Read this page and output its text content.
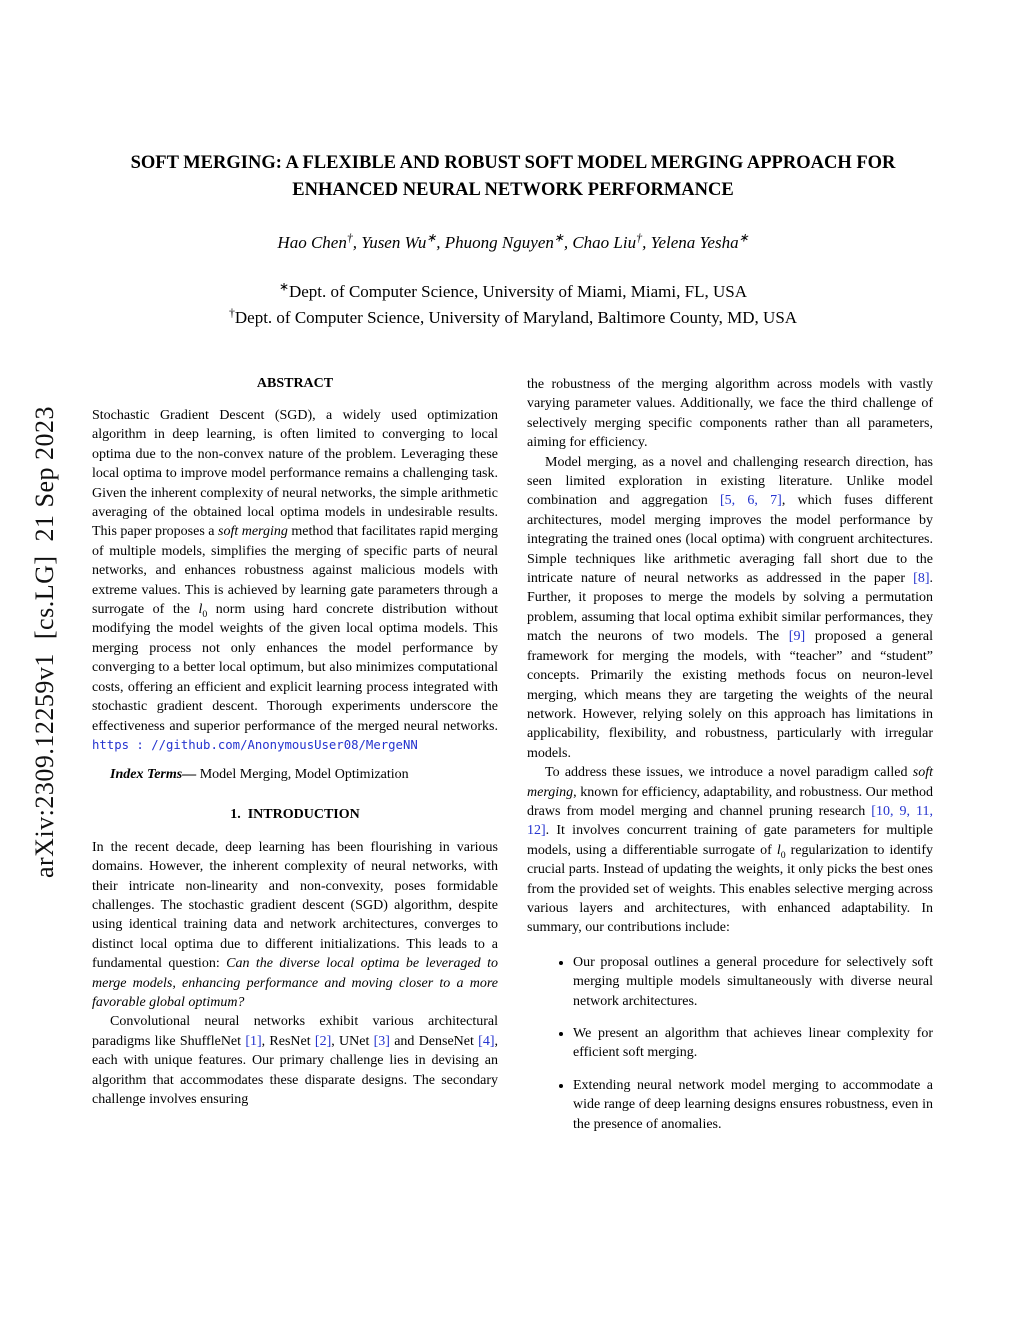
arXiv:2309.12259v1  [cs.LG]  21 Sep 2023
SOFT MERGING: A FLEXIBLE AND ROBUST SOFT MODEL MERGING APPROACH FOR
ENHANCED NEURAL NETWORK PERFORMANCE
Hao Chen†, Yusen Wu∗, Phuong Nguyen∗, Chao Liu†, Yelena Yesha∗
∗Dept. of Computer Science, University of Miami, Miami, FL, USA
†Dept. of Computer Science, University of Maryland, Baltimore County, MD, USA
ABSTRACT

Stochastic Gradient Descent (SGD), a widely used optimization algorithm in deep learning, is often limited to converging to local optima due to the non-convex nature of the problem. Leveraging these local optima to improve model performance remains a challenging task. Given the inherent complexity of neural networks, the simple arithmetic averaging of the obtained local optima models in undesirable results. This paper proposes a soft merging method that facilitates rapid merging of multiple models, simplifies the merging of specific parts of neural networks, and enhances robustness against malicious models with extreme values. This is achieved by learning gate parameters through a surrogate of the $l_0$ norm using hard concrete distribution without modifying the model weights of the given local optima models. This merging process not only enhances the model performance by converging to a better local optimum, but also minimizes computational costs, offering an efficient and explicit learning process integrated with stochastic gradient descent. Thorough experiments underscore the effectiveness and superior performance of the merged neural networks. https : //github.com/AnonymousUser08/MergeNN

Index Terms— Model Merging, Model Optimization

1.  INTRODUCTION

In the recent decade, deep learning has been flourishing in various domains. However, the inherent complexity of neural networks, with their intricate non-linearity and non-convexity, poses formidable challenges. The stochastic gradient descent (SGD) algorithm, despite using identical training data and network architectures, converges to distinct local optima due to different initializations. This leads to a fundamental question: Can the diverse local optima be leveraged to merge models, enhancing performance and moving closer to a more favorable global optimum?

Convolutional neural networks exhibit various architectural paradigms like ShuffleNet [1], ResNet [2], UNet [3] and DenseNet [4], each with unique features. Our primary challenge lies in devising an algorithm that accommodates these disparate designs. The secondary challenge involves ensuring

the robustness of the merging algorithm across models with vastly varying parameter values. Additionally, we face the third challenge of selectively merging specific components rather than all parameters, aiming for efficiency.

Model merging, as a novel and challenging research direction, has seen limited exploration in existing literature. Unlike model combination and aggregation [5, 6, 7], which fuses different architectures, model merging improves the model performance by integrating the trained ones (local optima) with congruent architectures. Simple techniques like arithmetic averaging fall short due to the intricate nature of neural networks as addressed in the paper [8]. Further, it proposes to merge the models by solving a permutation problem, assuming that local optima exhibit similar performances, they match the neurons of two models. The [9] proposed a general framework for merging the models, with “teacher” and “student” concepts. Primarily the existing methods focus on neuron-level merging, which means they are targeting the weights of the neural network. However, relying solely on this approach has limitations in applicability, flexibility, and robustness, particularly with irregular models.

To address these issues, we introduce a novel paradigm called soft merging, known for efficiency, adaptability, and robustness. Our method draws from model merging and channel pruning research [10, 9, 11, 12]. It involves concurrent training of gate parameters for multiple models, using a differentiable surrogate of $l_0$ regularization to identify crucial parts. Instead of updating the weights, it only picks the best ones from the provided set of weights. This enables selective merging across various layers and architectures, with enhanced adaptability. In summary, our contributions include:

• Our proposal outlines a general procedure for selectively soft merging multiple models simultaneously with diverse neural network architectures.
• We present an algorithm that achieves linear complexity for efficient soft merging.
• Extending neural network model merging to accommodate a wide range of deep learning designs ensures robustness, even in the presence of anomalies.
